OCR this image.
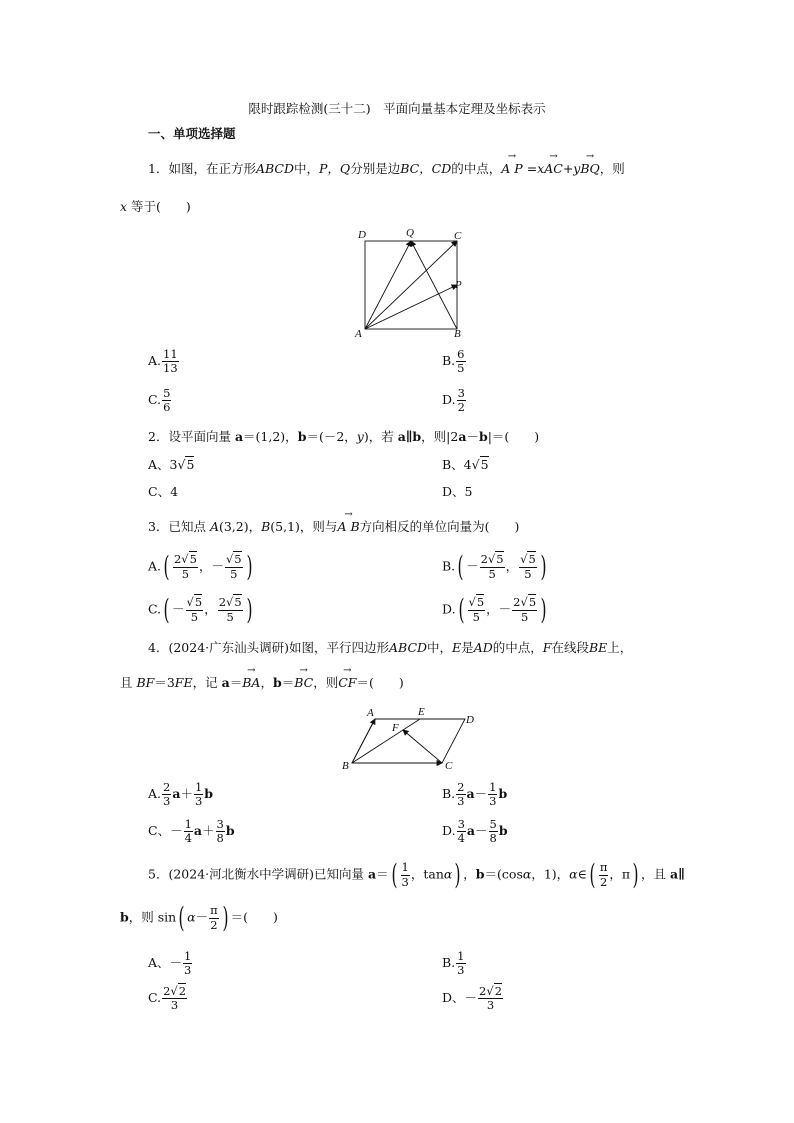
限时跟踪检测(三十二)　平面向量基本定理及坐标表示
一、单项选择题
1．如图，在正方形ABCD中，P，Q分别是边BC，CD的中点，→ A P =x→ AC+y→ BQ，则
x 等于(　　)
D	Q	C
P
A	B
A. $\frac{11}{13}$	B. $\frac{6}{5}$
C. $\frac{5}{6}$	D. $\frac{3}{2}$
2．设平面向量 a＝(1,2)，b＝(－2，y)，若 a∥b，则|2a－b|＝(　　)
A、3√5	B、4√5
C、4	D、5
3．已知点 A(3,2)，B(5,1)，则与→ A B方向相反的单位向量为(　　)
$A.( \frac{2√5}{5}$ ，－ $\frac{√5}{5}$ )	$B.( - \frac{2√5}{5}$ ， $\frac{√5}{5}$ )
$C.( - \frac{√5}{5}$ ， $\frac{2√5}{5}$ )	$D.( \frac{√5}{5}$ ，－ $\frac{2√5}{5}$ )
4．(2024·广东汕头调研)如图，平行四边形ABCD中，E是AD的中点，F在线段BE上，
且 BF＝3FE，记 a＝→ BA，b＝→ BC，则→ CF＝(　　)
A	E
D
F
B	C
A. $\frac{2}{3} a+ \frac{1}{3}$ b	B. $\frac{2}{3} a- \frac{1}{3}$ b
C、－ $\frac{1}{4} a+ \frac{3}{8}$ b	D. $\frac{3}{4} a- \frac{5}{8}$ b
5．(2024·河北衡水中学调研)已知向量 $a=( \frac{1}{3}$ ，tanα) ，b＝(cosα，1)，α∈( $\frac{\pi}{2}$ ，π) ，且 a∥
b，则 sin( $\alpha- \frac{\pi}{2}$ ) ＝(　　)
A、－ $\frac{1}{3}$	B. $\frac{1}{3}$
C. $\frac{2√2}{3}$	D、－ $\frac{2√2}{3}$
